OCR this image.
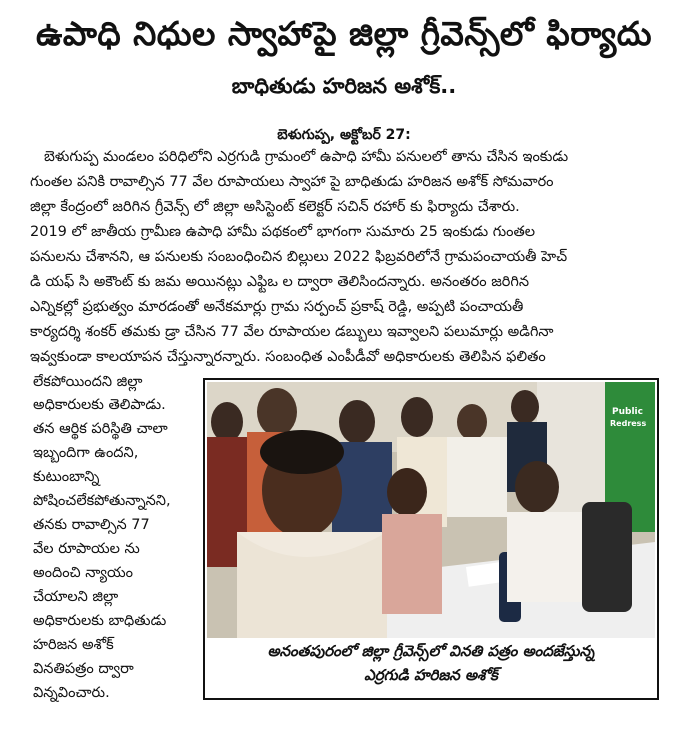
ఉపాధి నిధుల స్వాహాపై జిల్లా గ్రీవెన్స్‌లో ఫిర్యాదు
బాధితుడు హరిజన అశోక్..
బెళుగుప్ప, అక్టోబర్ 27:
బెళుగుప్ప మండలం పరిధిలోని ఎర్రగుడి గ్రామంలో ఉపాధి హామీ పనులలో తాను చేసిన ఇంకుడు
గుంతల పనికి రావాల్సిన 77 వేల రూపాయలు స్వాహా పై బాధితుడు హరిజన అశోక్ సోమవారం
జిల్లా కేంద్రంలో జరిగిన గ్రీవెన్స్ లో జిల్లా అసిస్టెంట్ కలెక్టర్ సచిన్ రహార్ కు ఫిర్యాదు చేశారు.
2019 లో జాతీయ గ్రామీణ ఉపాధి హామీ పథకంలో భాగంగా సుమారు 25 ఇంకుడు గుంతల
పనులను చేశానని, ఆ పనులకు సంబంధించిన బిల్లులు 2022 ఫిబ్రవరిలోనే గ్రామపంచాయతీ హెచ్
డి యఫ్ సి అకౌంట్ కు జమ అయినట్లు ఎఫ్టిఒ ల ద్వారా తెలిసిందన్నారు. అనంతరం జరిగిన
ఎన్నికల్లో ప్రభుత్వం మారడంతో అనేకమార్లు గ్రామ సర్పంచ్ ప్రకాష్ రెడ్డి, అప్పటి పంచాయతీ
కార్యదర్శి శంకర్ తమకు డ్రా చేసిన 77 వేల రూపాయల డబ్బులు ఇవ్వాలని పలుమార్లు అడిగినా
ఇవ్వకుండా కాలయాపన చేస్తున్నారన్నారు. సంబంధిత ఎంపీడీవో అధికారులకు తెలిపిన ఫలితం
లేకపోయిందని జిల్లా
అధికారులకు తెలిపాడు.
తన ఆర్థిక పరిస్థితి చాలా
ఇబ్బందిగా ఉందని,
కుటుంబాన్ని
పోషించలేకపోతున్నానని,
తనకు రావాల్సిన 77
వేల రూపాయల ను
అందించి న్యాయం
చేయాలని జిల్లా
అధికారులకు బాధితుడు
హరిజన అశోక్
వినతిపత్రం ద్వారా
విన్నవించారు.
Public
Redress
అనంతపురంలో జిల్లా గ్రీవెన్స్‌లో వినతి పత్రం అందజేస్తున్న
ఎర్రగుడి హరిజన అశోక్
